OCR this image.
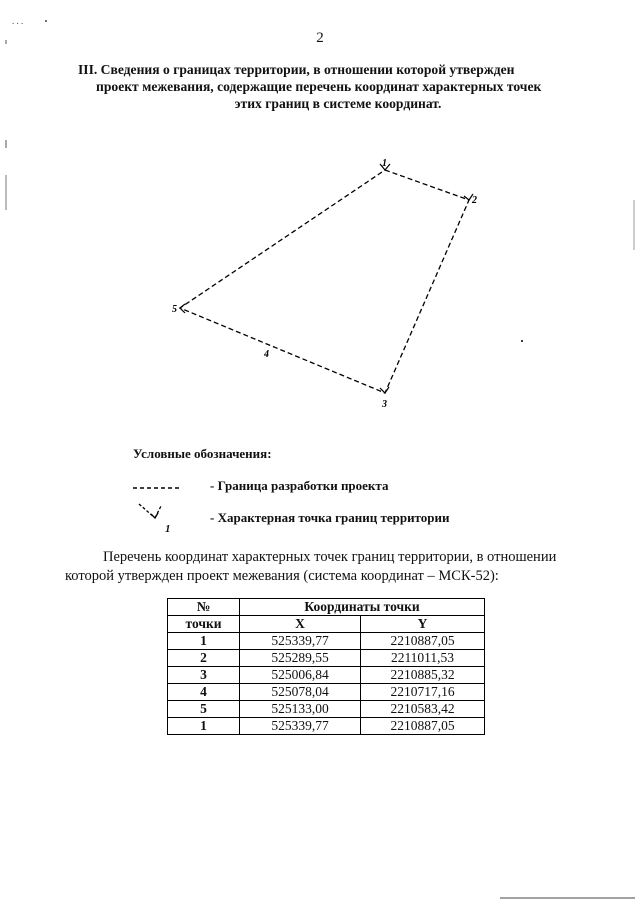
2
III. Сведения о границах территории, в отношении которой утвержден
проект межевания, содержащие перечень координат характерных точек
этих границ в системе координат.
1
2
3
4
5
. . .
Условные обозначения:
- Граница разработки проекта
- Характерная точка границ территории
1
Перечень координат характерных точек границ территории, в отношении которой утвержден проект межевания (система координат – МСК-52):
№	Координаты точки	
точки	X	Y
1	525339,77	2210887,05
2	525289,55	2211011,53
3	525006,84	2210885,32
4	525078,04	2210717,16
5	525133,00	2210583,42
1	525339,77	2210887,05
